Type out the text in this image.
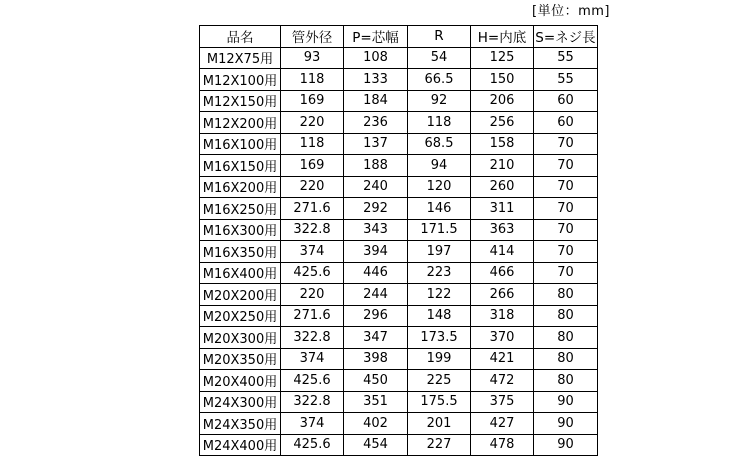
[単位：mm]
品名	管外径	P=芯幅	R	H=内底	S=ネジ長
M12X75用	93	108	54	125	55
M12X100用	118	133	66.5	150	55
M12X150用	169	184	92	206	60
M12X200用	220	236	118	256	60
M16X100用	118	137	68.5	158	70
M16X150用	169	188	94	210	70
M16X200用	220	240	120	260	70
M16X250用	271.6	292	146	311	70
M16X300用	322.8	343	171.5	363	70
M16X350用	374	394	197	414	70
M16X400用	425.6	446	223	466	70
M20X200用	220	244	122	266	80
M20X250用	271.6	296	148	318	80
M20X300用	322.8	347	173.5	370	80
M20X350用	374	398	199	421	80
M20X400用	425.6	450	225	472	80
M24X300用	322.8	351	175.5	375	90
M24X350用	374	402	201	427	90
M24X400用	425.6	454	227	478	90
